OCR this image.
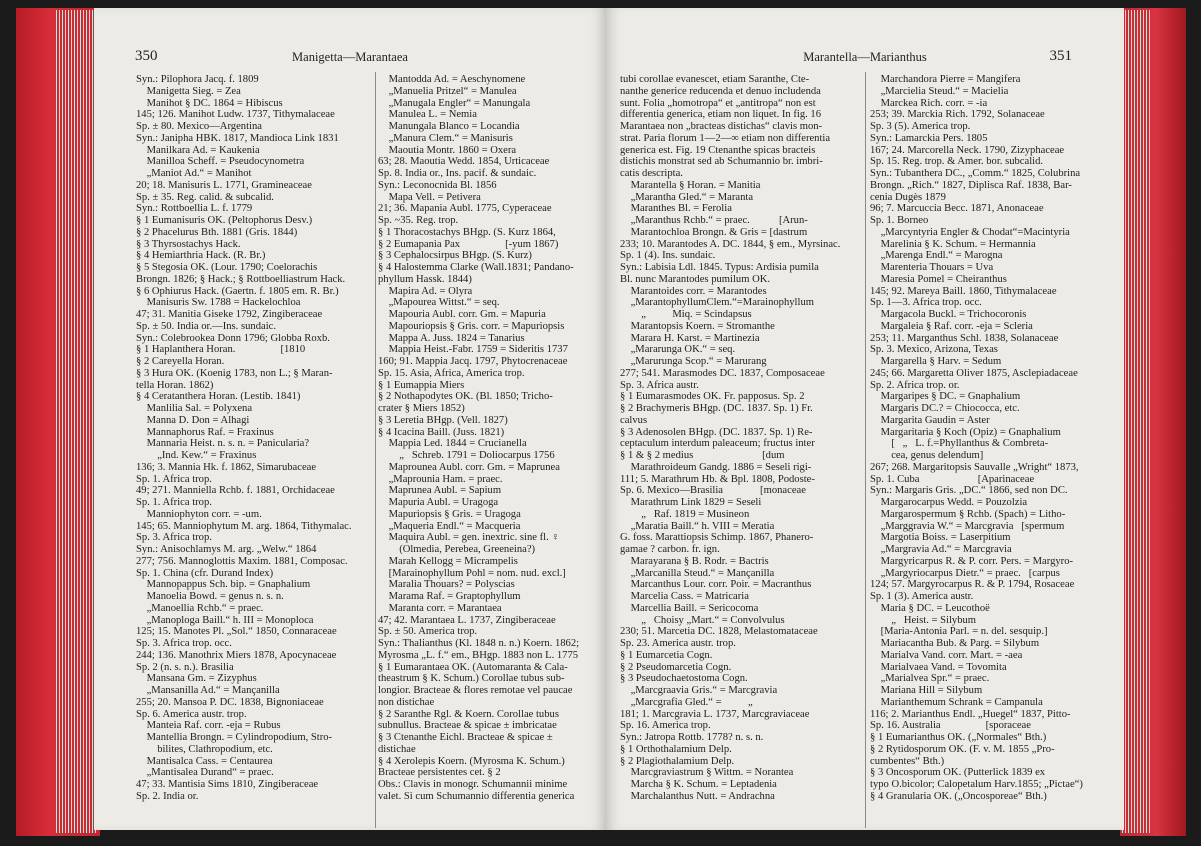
350	Manigetta—Marantaea
Syn.: Pilophora Jacq. f. 1809
Manigetta Sieg. = Zea
Manihot § DC. 1864 = Hibiscus
145; 126. Manihot Ludw. 1737, Tithymalaceae
Sp. ± 80. Mexico—Argentina
Syn.: Janipha HBK. 1817, Mandioca Link 1831
Manilkara Ad. = Kaukenia
Manilloa Scheff. = Pseudocynometra
„Maniot Ad.“ = Manihot
20; 18. Manisuris L. 1771, Gramineaceae
Sp. ± 35. Reg. calid. & subcalid.
Syn.: Rottboellia L. f. 1779
§ 1 Eumanisuris OK. (Peltophorus Desv.)
§ 2 Phacelurus Bth. 1881 (Gris. 1844)
§ 3 Thyrsostachys Hack.
§ 4 Hemiarthria Hack. (R. Br.)
§ 5 Stegosia OK. (Lour. 1790; Coelorachis
Brongn. 1826; § Hack.; § Rottboelliastrum Hack.
§ 6 Ophiurus Hack. (Gaertn. f. 1805 em. R. Br.)
Manisuris Sw. 1788 = Hackelochloa
47; 31. Manitia Giseke 1792, Zingiberaceae
Sp. ± 50. India or.—Ins. sundaic.
Syn.: Colebrookea Donn 1796; Globba Roxb.
§ 1 Haplanthera Horan.                 [1810
§ 2 Careyella Horan.
§ 3 Hura OK. (Koenig 1783, non L.; § Maran-
tella Horan. 1862)
§ 4 Ceratanthera Horan. (Lestib. 1841)
Manlilia Sal. = Polyxena
Manna D. Don = Alhagi
Mannaphorus Raf. = Fraxinus
Mannaria Heist. n. s. n. = Panicularia?
„Ind. Kew.“ = Fraxinus
136; 3. Mannia Hk. f. 1862, Simarubaceae
Sp. 1. Africa trop.
49; 271. Manniella Rchb. f. 1881, Orchidaceae
Sp. 1. Africa trop.
Manniophyton corr. = -um.
145; 65. Manniophytum M. arg. 1864, Tithymalac.
Sp. 3. Africa trop.
Syn.: Anisochlamys M. arg. „Welw.“ 1864
277; 756. Mannoglottis Maxim. 1881, Composac.
Sp. 1. China (cfr. Durand Index)
Mannopappus Sch. bip. = Gnaphalium
Manoelia Bowd. = genus n. s. n.
„Manoellia Rchb.“ = praec.
„Manoploga Baill.“ h. III = Monoploca
125; 15. Manotes Pl. „Sol.“ 1850, Connaraceae
Sp. 3. Africa trop. occ.
244; 136. Manothrix Miers 1878, Apocynaceae
Sp. 2 (n. s. n.). Brasilia
Mansana Gm. = Zizyphus
„Mansanilla Ad.“ = Mançanilla
255; 20. Mansoa P. DC. 1838, Bignoniaceae
Sp. 6. America austr. trop.
Manteia Raf. corr. -eja = Rubus
Mantellia Brongn. = Cylindropodium, Stro-
bilites, Clathropodium, etc.
Mantisalca Cass. = Centaurea
„Mantisalea Durand“ = praec.
47; 33. Mantisia Sims 1810, Zingiberaceae
Sp. 2. India or.
Mantodda Ad. = Aeschynomene
„Manuelia Pritzel“ = Manulea
„Manugala Engler“ = Manungala
Manulea L. = Nemia
Manungala Blanco = Locandia
„Manura Clem.“ = Manisuris
Maoutia Montr. 1860 = Oxera
63; 28. Maoutia Wedd. 1854, Urticaceae
Sp. 8. India or., Ins. pacif. & sundaic.
Syn.: Leconocnida Bl. 1856
Mapa Vell. = Petivera
21; 36. Mapania Aubl. 1775, Cyperaceae
Sp. ~35. Reg. trop.
§ 1 Thoracostachys BHgp. (S. Kurz 1864,
§ 2 Eumapania Pax                 [-yum 1867)
§ 3 Cephalocsirpus BHgp. (S. Kurz)
§ 4 Halostemma Clarke (Wall.1831; Pandano-
phyllum Hassk. 1844)
Mapira Ad. = Olyra
„Mapourea Wittst.“ = seq.
Mapouria Aubl. corr. Gm. = Mapuria
Mapouriopsis § Gris. corr. = Mapuriopsis
Mappa A. Juss. 1824 = Tanarius
Mappia Heist.-Fabr. 1759 = Sideritis 1737
160; 91. Mappia Jacq. 1797, Phytocrenaceae
Sp. 15. Asia, Africa, America trop.
§ 1 Eumappia Miers
§ 2 Nothapodytes OK. (Bl. 1850; Tricho-
crater § Miers 1852)
§ 3 Leretia BHgp. (Vell. 1827)
§ 4 Icacina Baill. (Juss. 1821)
Mappia Led. 1844 = Crucianella
„   Schreb. 1791 = Doliocarpus 1756
Maprounea Aubl. corr. Gm. = Maprunea
„Maprounia Ham. = praec.
Maprunea Aubl. = Sapium
Mapuria Aubl. = Uragoga
Mapuriopsis § Gris. = Uragoga
„Maqueria Endl.“ = Macqueria
Maquira Aubl. = gen. inextric. sine fl. ♀
(Olmedia, Perebea, Greeneina?)
Marah Kellogg = Micrampelis
[Marainophyllum Pohl = nom. nud. excl.]
Maralia Thouars? = Polyscias
Marama Raf. = Graptophyllum
Maranta corr. = Marantaea
47; 42. Marantaea L. 1737, Zingiberaceae
Sp. ± 50. America trop.
Syn.: Thalianthus (Kl. 1848 n. n.) Koern. 1862;
Myrosma „L. f.“ em., BHgp. 1883 non L. 1775
§ 1 Eumarantaea OK. (Automaranta & Cala-
theastrum § K. Schum.) Corollae tubus sub-
longior. Bracteae & flores remotae vel paucae
non distichae
§ 2 Saranthe Rgl. & Koern. Corollae tubus
subnullus. Bracteae & spicae ± imbricatae
§ 3 Ctenanthe Eichl. Bracteae & spicae ±
distichae
§ 4 Xerolepis Koern. (Myrosma K. Schum.)
Bracteae persistentes cet. § 2
Obs.: Clavis in monogr. Schumannii minime
valet. Si cum Schumannio differentia generica
Marantella—Marianthus	351
tubi corollae evanescet, etiam Saranthe, Cte-
nanthe generice reducenda et denuo includenda
sunt. Folia „homotropa“ et „antitropa“ non est
differentia generica, etiam non liquet. In fig. 16
Marantaea non „bracteas distichas“ clavis mon-
strat. Paria florum 1—2—∞ etiam non differentia
generica est. Fig. 19 Ctenanthe spicas bracteis
distichis monstrat sed ab Schumannio br. imbri-
catis descripta.
Marantella § Horan. = Manitia
„Marantha Gled.“ = Maranta
Maranthes Bl. = Ferolia
„Maranthus Rchb.“ = praec.           [Arun-
Marantochloa Brongn. & Gris = [dastrum
233; 10. Marantodes A. DC. 1844, § em., Myrsinac.
Sp. 1 (4). Ins. sundaic.
Syn.: Labisia Ldl. 1845. Typus: Ardisia pumila
Bl. nunc Marantodes pumilum OK.
Marantoides corr. = Marantodes
„MarantophyllumClem.“=Marainophyllum
„          Miq. = Scindapsus
Marantopsis Koern. = Stromanthe
Marara H. Karst. = Martinezia
„Mararunga OK.“ = seq.
„Marurunga Scop.“ = Marurang
277; 541. Marasmodes DC. 1837, Composaceae
Sp. 3. Africa austr.
§ 1 Eumarasmodes OK. Fr. papposus. Sp. 2
§ 2 Brachymeris BHgp. (DC. 1837. Sp. 1) Fr.
calvus
§ 3 Adenosolen BHgp. (DC. 1837. Sp. 1) Re-
ceptaculum interdum paleaceum; fructus inter
§ 1 & § 2 medius                          [dum
Marathroideum Gandg. 1886 = Seseli rigi-
111; 5. Marathrum Hb. & Bpl. 1808, Podoste-
Sp. 6. Mexico—Brasilia              [monaceae
Marathrum Link 1829 = Seseli
„   Raf. 1819 = Musineon
„Maratia Baill.“ h. VIII = Meratia
G. foss. Marattiopsis Schimp. 1867, Phanero-
gamae ? carbon. fr. ign.
Marayarana § B. Rodr. = Bactris
„Marcanilla Steud.“ = Mançanilla
Marcanthus Lour. corr. Poir. = Macranthus
Marcelia Cass. = Matricaria
Marcellia Baill. = Sericocoma
„   Choisy „Mart.“ = Convolvulus
230; 51. Marcetia DC. 1828, Melastomataceae
Sp. 23. America austr. trop.
§ 1 Eumarcetia Cogn.
§ 2 Pseudomarcetia Cogn.
§ 3 Pseudochaetostoma Cogn.
„Marcgraavia Gris.“ = Marcgravia
„Marcgrafia Gled.“ =          „
181; 1. Marcgravia L. 1737, Marcgraviaceae
Sp. 16. America trop.
Syn.: Jatropa Rottb. 1778? n. s. n.
§ 1 Orthothalamium Delp.
§ 2 Plagiothalamium Delp.
Marcgraviastrum § Wittm. = Norantea
Marcha § K. Schum. = Leptadenia
Marchalanthus Nutt. = Andrachna
Marchandora Pierre = Mangifera
„Marcielia Steud.“ = Macielia
Marckea Rich. corr. = -ia
253; 39. Marckia Rich. 1792, Solanaceae
Sp. 3 (5). America trop.
Syn.: Lamarckia Pers. 1805
167; 24. Marcorella Neck. 1790, Zizyphaceae
Sp. 15. Reg. trop. & Amer. bor. subcalid.
Syn.: Tubanthera DC., „Comm.“ 1825, Colubrina
Brongn. „Rich.“ 1827, Diplisca Raf. 1838, Bar-
cenia Dugès 1879
96; 7. Marcuccia Becc. 1871, Anonaceae
Sp. 1. Borneo
„Marcyntyria Engler & Chodat“=Macintyria
Marelinia § K. Schum. = Hermannia
„Marenga Endl.“ = Marogna
Marenteria Thouars = Uva
Maresia Pomel = Cheiranthus
145; 92. Mareya Baill. 1860, Tithymalaceae
Sp. 1—3. Africa trop. occ.
Margacola Buckl. = Trichocoronis
Margaleia § Raf. corr. -eja = Scleria
253; 11. Marganthus Schl. 1838, Solanaceae
Sp. 3. Mexico, Arizona, Texas
Margarella § Harv. = Sedum
245; 66. Margaretta Oliver 1875, Asclepiadaceae
Sp. 2. Africa trop. or.
Margaripes § DC. = Gnaphalium
Margaris DC.? = Chiococca, etc.
Margarita Gaudin = Aster
Margaritaria § Koch (Opiz) = Gnaphalium
[   „   L. f.=Phyllanthus & Combreta-
cea, genus delendum]
267; 268. Margaritopsis Sauvalle „Wright“ 1873,
Sp. 1. Cuba                      [Aparinaceae
Syn.: Margaris Gris. „DC.“ 1866, sed non DC.
Margarocarpus Wedd. = Pouzolzia
Margarospermum § Rchb. (Spach) = Litho-
„Marggravia W.“ = Marcgravia   [spermum
Margotia Boiss. = Laserpitium
„Margravia Ad.“ = Marcgravia
Margyricarpus R. & P. corr. Pers. = Margyro-
„Margyriocarpus Dietr.“ = praec.   [carpus
124; 57. Margyrocarpus R. & P. 1794, Rosaceae
Sp. 1 (3). America austr.
Maria § DC. = Leucothoë
„   Heist. = Silybum
[Maria-Antonia Parl. = n. del. sesquip.]
Mariacantha Bub. & Parg. = Silybum
Marialva Vand. corr. Mart. = -aea
Marialvaea Vand. = Tovomita
„Marialvea Spr.“ = praec.
Mariana Hill = Silybum
Marianthemum Schrank = Campanula
116; 2. Marianthus Endl. „Huegel“ 1837, Pitto-
Sp. 16. Australia                 [sporaceae
§ 1 Eumarianthus OK. („Normales“ Bth.)
§ 2 Rytidosporum OK. (F. v. M. 1855 „Pro-
cumbentes“ Bth.)
§ 3 Oncosporum OK. (Putterlick 1839 ex
typo O.bicolor; Calopetalum Harv.1855; „Pictae“)
§ 4 Granularia OK. („Oncosporeae“ Bth.)
